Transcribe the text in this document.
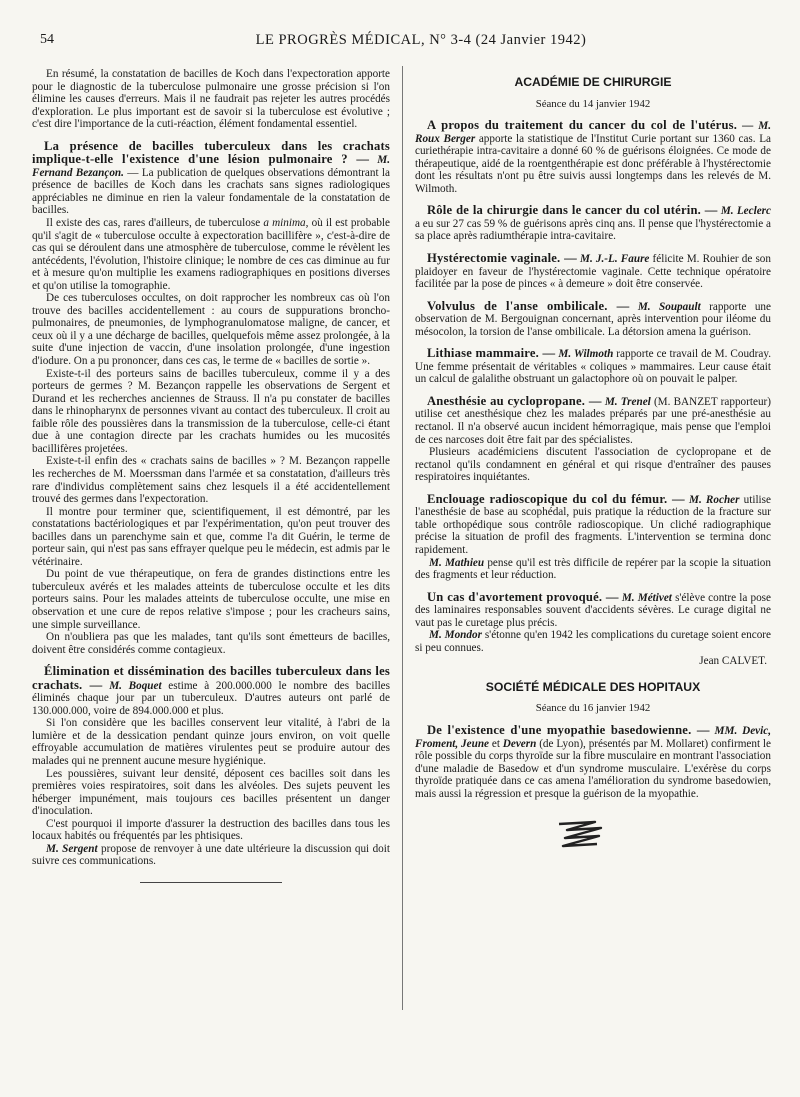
54	LE PROGRÈS MÉDICAL, N° 3-4 (24 Janvier 1942)

En résumé, la constatation de bacilles de Koch dans l'expectoration apporte pour le diagnostic de la tuberculose pulmonaire une grosse précision si l'on élimine les causes d'erreurs. Mais il ne faudrait pas rejeter les autres procédés d'exploration. Le plus important est de savoir si la tuberculose est évolutive ; c'est dire l'importance de la cuti-réaction, élément fondamental essentiel.

La présence de bacilles tuberculeux dans les crachats implique-t-elle l'existence d'une lésion pulmonaire ? — M. Fernand Bezançon. — La publication de quelques observations démontrant la présence de bacilles de Koch dans les crachats sans signes radiologiques appréciables ne diminue en rien la valeur fondamentale de la constatation de bacilles.

Il existe des cas, rares d'ailleurs, de tuberculose a minima, où il est probable qu'il s'agit de « tuberculose occulte à expectoration bacillifère », c'est-à-dire de cas qui se déroulent dans une atmosphère de tuberculose, comme le révèlent les antécédents, l'évolution, l'histoire clinique; le nombre de ces cas diminue au fur et à mesure qu'on multiplie les examens radiographiques en positions diverses et qu'on utilise la tomographie.

De ces tuberculoses occultes, on doit rapprocher les nombreux cas où l'on trouve des bacilles accidentellement : au cours de suppurations broncho-pulmonaires, de pneumonies, de lymphogranulomatose maligne, de cancer, et ceux où il y a une décharge de bacilles, quelquefois même assez prolongée, à la suite d'une injection de vaccin, d'une insolation prolongée, d'une ingestion d'iodure. On a pu prononcer, dans ces cas, le terme de « bacilles de sortie ».

Existe-t-il des porteurs sains de bacilles tuberculeux, comme il y a des porteurs de germes ? M. Bezançon rappelle les observations de Sergent et Durand et les recherches anciennes de Strauss. Il n'a pu constater de bacilles dans le rhinopharynx de personnes vivant au contact des tuberculeux. Il croit au faible rôle des poussières dans la transmission de la tuberculose, celle-ci étant due à une contagion directe par les crachats humides ou les mucosités bacillifères projetées.

Existe-t-il enfin des « crachats sains de bacilles » ? M. Bezançon rappelle les recherches de M. Moerssman dans l'armée et sa constatation, d'ailleurs très rare d'individus complètement sains chez lesquels il a été accidentellement trouvé des germes dans l'expectoration.

Il montre pour terminer que, scientifiquement, il est démontré, par les constatations bactériologiques et par l'expérimentation, qu'on peut trouver des bacilles dans un parenchyme sain et que, comme l'a dit Guérin, le terme de porteur sain, qui n'est pas sans effrayer quelque peu le médecin, est admis par le vétérinaire.

Du point de vue thérapeutique, on fera de grandes distinctions entre les tuberculeux avérés et les malades atteints de tuberculose occulte et les dits porteurs sains. Pour les malades atteints de tuberculose occulte, une mise en observation et une cure de repos relative s'impose ; pour les cracheurs sains, une simple surveillance.

On n'oubliera pas que les malades, tant qu'ils sont émetteurs de bacilles, doivent être considérés comme contagieux.

Élimination et dissémination des bacilles tuberculeux dans les crachats. — M. Boquet estime à 200.000.000 le nombre des bacilles éliminés chaque jour par un tuberculeux. D'autres auteurs ont parlé de 130.000.000, voire de 894.000.000 et plus.

Si l'on considère que les bacilles conservent leur vitalité, à l'abri de la lumière et de la dessication pendant quinze jours environ, on voit quelle effroyable accumulation de matières virulentes peut se produire autour des malades qui ne prennent aucune mesure hygiénique.

Les poussières, suivant leur densité, déposent ces bacilles soit dans les premières voies respiratoires, soit dans les alvéoles. Des sujets peuvent les héberger impunément, mais toujours ces bacilles présentent un danger d'inoculation.

C'est pourquoi il importe d'assurer la destruction des bacilles dans tous les locaux habités ou fréquentés par les phtisiques.

M. Sergent propose de renvoyer à une date ultérieure la discussion qui doit suivre ces communications.

ACADÉMIE DE CHIRURGIE
Séance du 14 janvier 1942

A propos du traitement du cancer du col de l'utérus. — M. Roux Berger apporte la statistique de l'Institut Curie portant sur 1360 cas. La curiethérapie intra-cavitaire a donné 60 % de guérisons éloignées. Ce mode de thérapeutique, aidé de la roentgenthérapie est donc préférable à l'hystérectomie dont les résultats n'ont pu être suivis aussi longtemps dans les relevés de M. Wilmoth.

Rôle de la chirurgie dans le cancer du col utérin. — M. Leclerc a eu sur 27 cas 59 % de guérisons après cinq ans. Il pense que l'hystérectomie a sa place après radiumthérapie intra-cavitaire.

Hystérectomie vaginale. — M. J.-L. Faure félicite M. Rouhier de son plaidoyer en faveur de l'hystérectomie vaginale. Cette technique opératoire facilitée par la pose de pinces « à demeure » doit être conservée.

Volvulus de l'anse ombilicale. — M. Soupault rapporte une observation de M. Bergouignan concernant, après intervention pour iléome du mésocolon, la torsion de l'anse ombilicale. La détorsion amena la guérison.

Lithiase mammaire. — M. Wilmoth rapporte ce travail de M. Coudray. Une femme présentait de véritables « coliques » mammaires. Leur cause était un calcul de galalithe obstruant un galactophore où on pouvait le palper.

Anesthésie au cyclopropane. — M. Trenel (M. BANZET rapporteur) utilise cet anesthésique chez les malades préparés par une pré-anesthésie au rectanol. Il n'a observé aucun incident hémorragique, mais pense que l'emploi de ces narcoses doit être fait par des spécialistes.

Plusieurs académiciens discutent l'association de cyclopropane et de rectanol qu'ils condamnent en général et qui risque d'entraîner des pauses respiratoires inquiétantes.

Enclouage radioscopique du col du fémur. — M. Rocher utilise l'anesthésie de base au scophédal, puis pratique la réduction de la fracture sur table orthopédique sous contrôle radioscopique. Un cliché radiographique précise la situation de profil des fragments. L'intervention se termina donc rapidement.

M. Mathieu pense qu'il est très difficile de repérer par la scopie la situation des fragments et leur réduction.

Un cas d'avortement provoqué. — M. Métivet s'élève contre la pose des laminaires responsables souvent d'accidents sévères. Le curage digital ne vaut pas le curetage plus précis.

M. Mondor s'étonne qu'en 1942 les complications du curetage soient encore si peu connues.

Jean CALVET.
SOCIÉTÉ MÉDICALE DES HOPITAUX
Séance du 16 janvier 1942

De l'existence d'une myopathie basedowienne. — MM. Devic, Froment, Jeune et Devern (de Lyon), présentés par M. Mollaret) confirment le rôle possible du corps thyroïde sur la fibre musculaire en montrant l'association d'une maladie de Basedow et d'un syndrome musculaire. L'exérèse du corps thyroïde pratiquée dans ce cas amena l'amélioration du syndrome basedowien, mais aussi la régression et presque la guérison de la myopathie.
